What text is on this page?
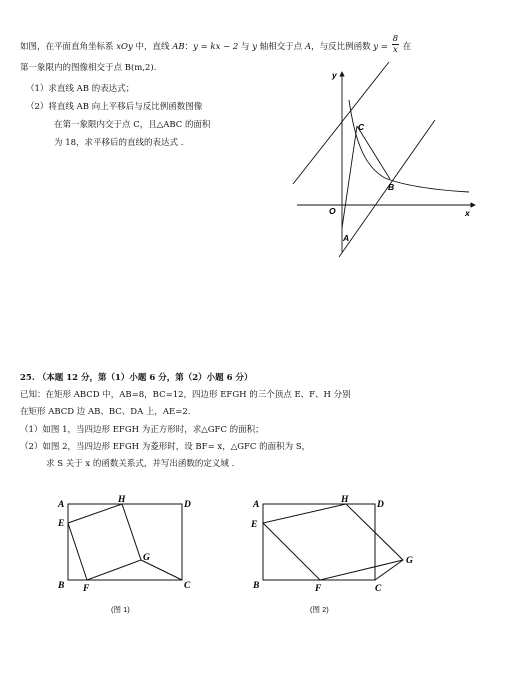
如图，在平面直角坐标系 xOy 中，直线 AB：y = kx − 2 与 y 轴相交于点 A，与反比例函数 $y = \frac{8}{x}$ 在
第一象限内的图像相交于点 B(m,2).
（1）求直线 AB 的表达式；
（2）将直线 AB 向上平移后与反比例函数图像
在第一象限内交于点 C，且△ABC 的面积
为 18，求平移后的直线的表达式 .
y
x
O
A
B
C
25. （本题 12 分，第（1）小题 6 分，第（2）小题 6 分）
已知：在矩形 ABCD 中，AB=8，BC=12，四边形 EFGH 的三个顶点 E、F、H 分别
在矩形 ABCD 边 AB、BC、DA 上，AE=2.
（1）如图 1，当四边形 EFGH 为正方形时，求△GFC 的面积；
（2）如图 2，当四边形 EFGH 为菱形时，设 BF= x，△GFC 的面积为 S，
求 S 关于 x 的函数关系式，并写出函数的定义域 .
A	H	D
E
G
B F	C
(图 1)
A	H	D
E
G
B	F	C
(图 2)
